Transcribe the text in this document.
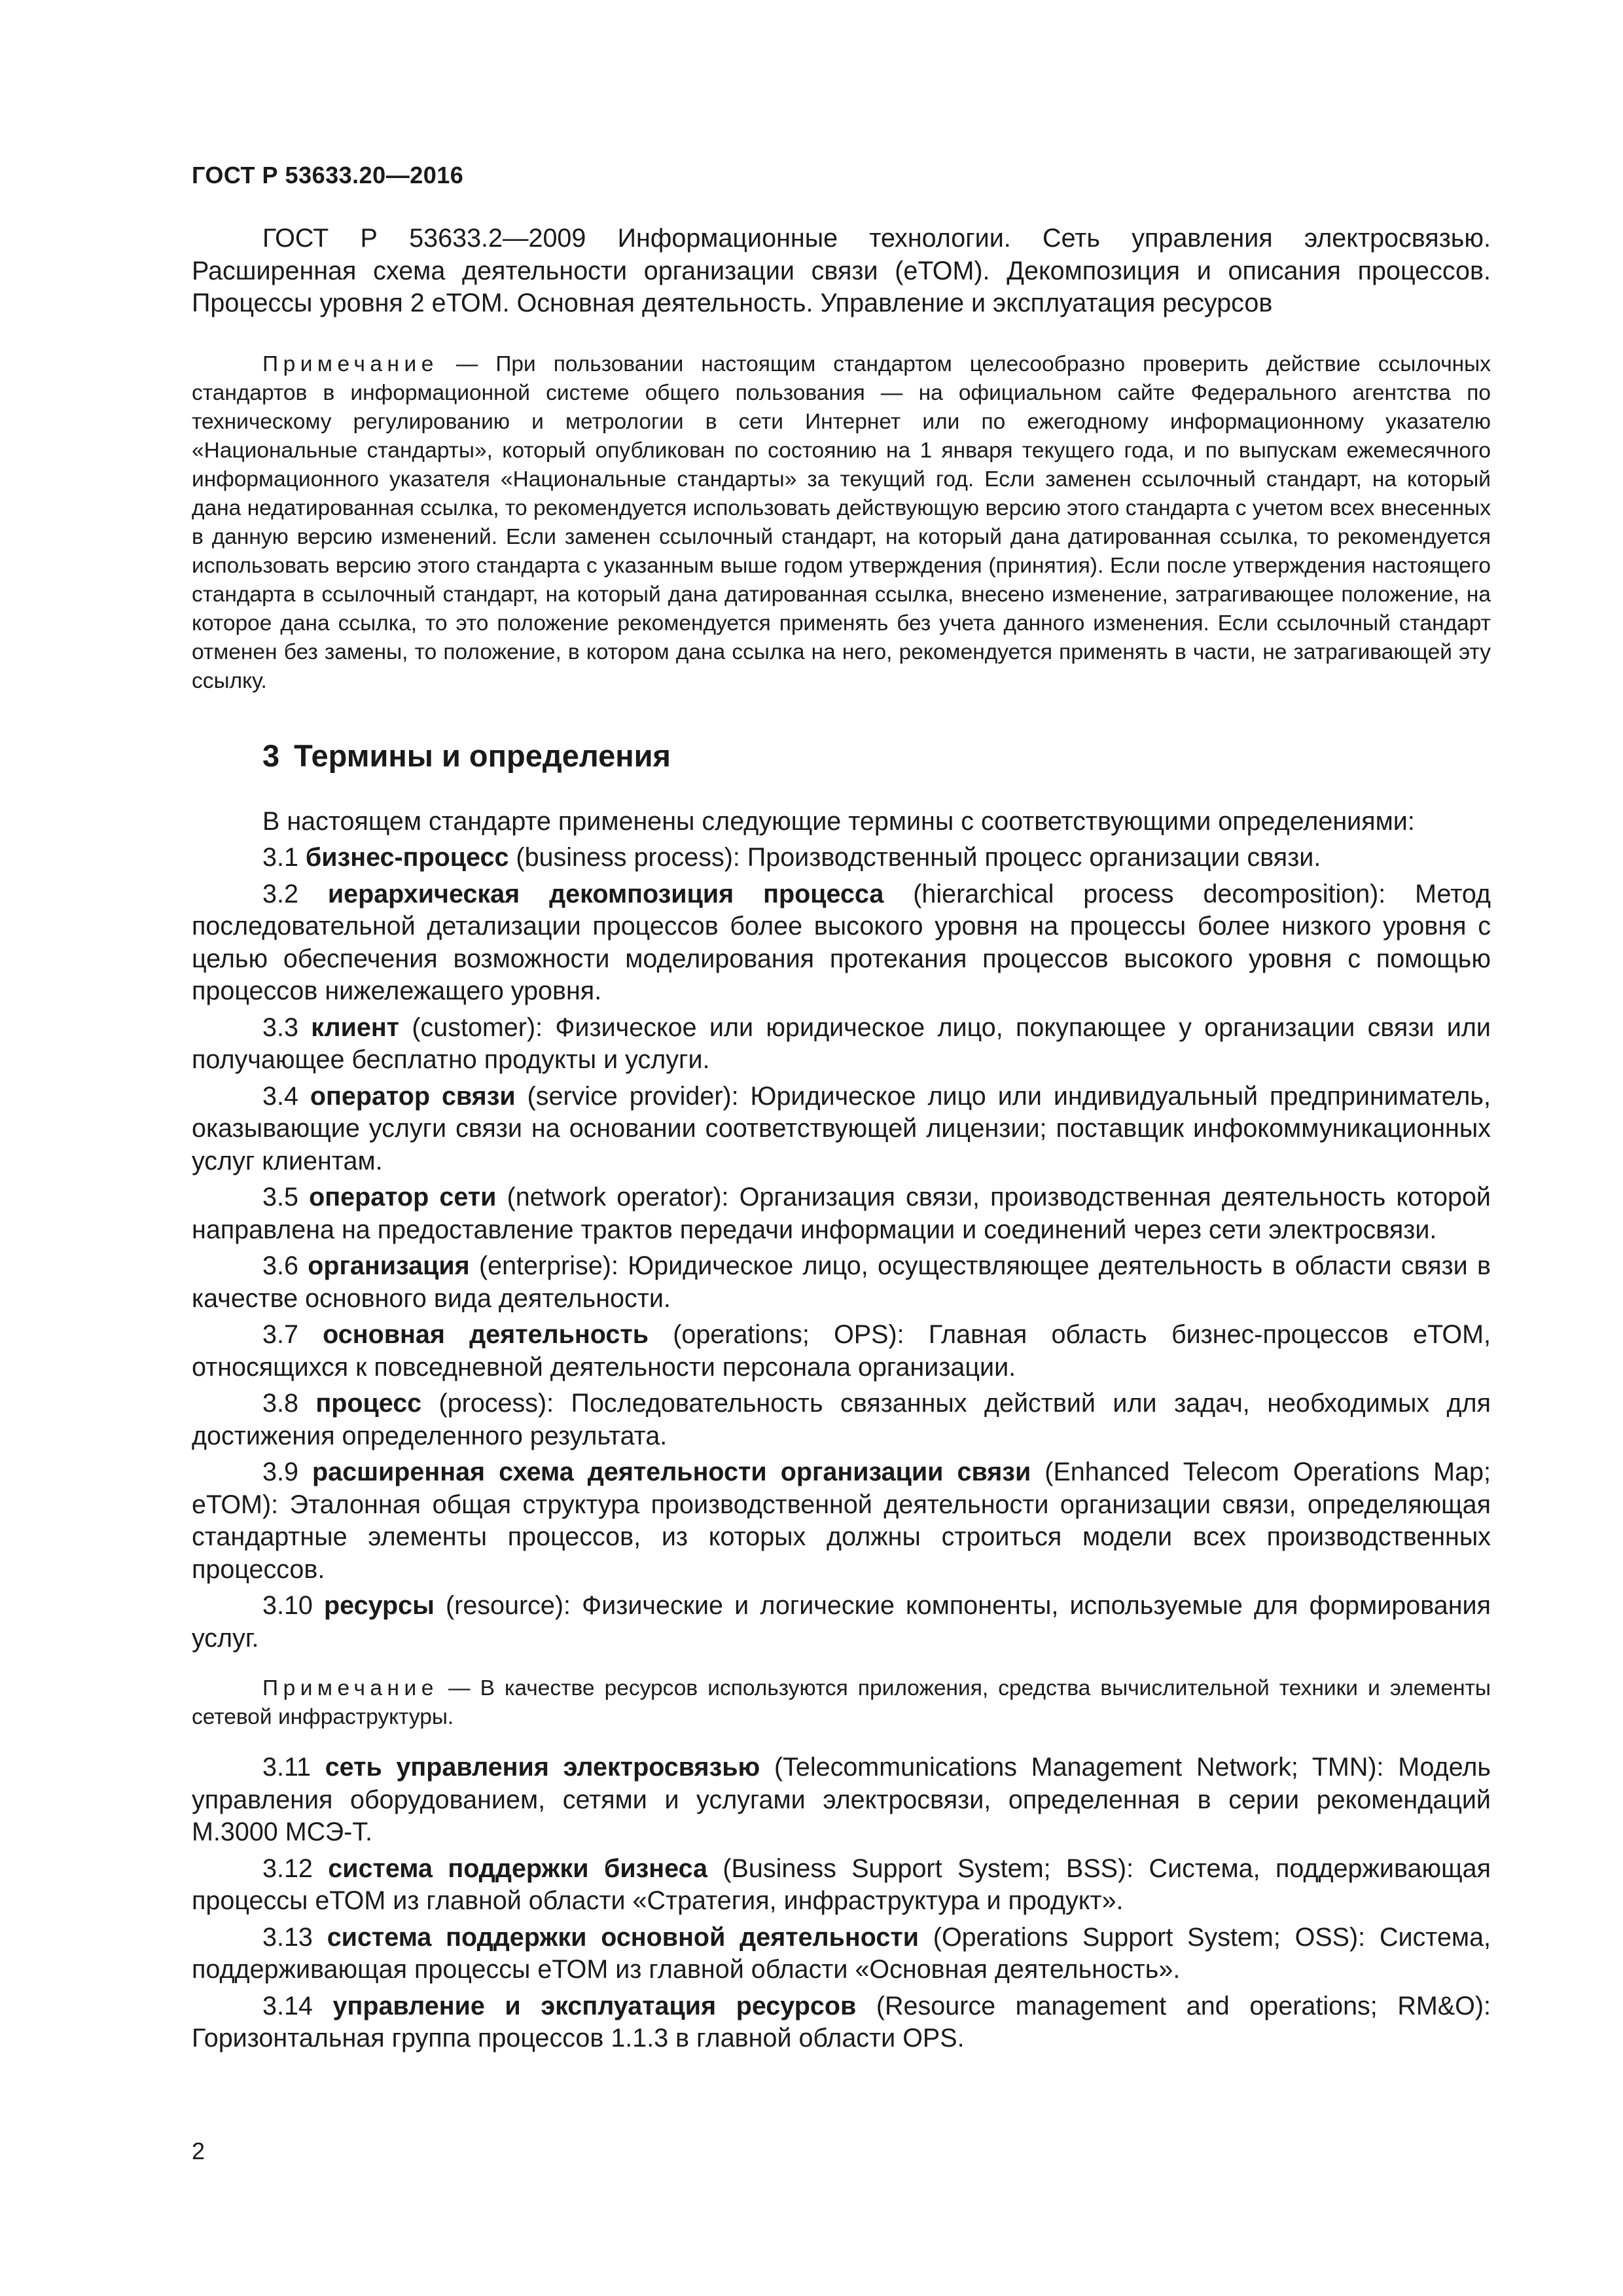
ГОСТ Р 53633.20—2016

ГОСТ Р 53633.2—2009 Информационные технологии. Сеть управления электросвязью. Расширенная схема деятельности организации связи (еТОМ). Декомпозиция и описания процессов. Процессы уровня 2 еТОМ. Основная деятельность. Управление и эксплуатация ресурсов

Примечание — При пользовании настоящим стандартом целесообразно проверить действие ссылочных стандартов в информационной системе общего пользования — на официальном сайте Федерального агентства по техническому регулированию и метрологии в сети Интернет или по ежегодному информационному указателю «Национальные стандарты», который опубликован по состоянию на 1 января текущего года, и по выпускам ежемесячного информационного указателя «Национальные стандарты» за текущий год. Если заменен ссылочный стандарт, на который дана недатированная ссылка, то рекомендуется использовать действующую версию этого стандарта с учетом всех внесенных в данную версию изменений. Если заменен ссылочный стандарт, на который дана датированная ссылка, то рекомендуется использовать версию этого стандарта с указанным выше годом утверждения (принятия). Если после утверждения настоящего стандарта в ссылочный стандарт, на который дана датированная ссылка, внесено изменение, затрагивающее положение, на которое дана ссылка, то это положение рекомендуется применять без учета данного изменения. Если ссылочный стандарт отменен без замены, то положение, в котором дана ссылка на него, рекомендуется применять в части, не затрагивающей эту ссылку.

3 Термины и определения

В настоящем стандарте применены следующие термины с соответствующими определениями:

3.1 бизнес-процесс (business process): Производственный процесс организации связи.

3.2 иерархическая декомпозиция процесса (hierarchical process decomposition): Метод последовательной детализации процессов более высокого уровня на процессы более низкого уровня с целью обеспечения возможности моделирования протекания процессов высокого уровня с помощью процессов нижележащего уровня.

3.3 клиент (customer): Физическое или юридическое лицо, покупающее у организации связи или получающее бесплатно продукты и услуги.

3.4 оператор связи (service provider): Юридическое лицо или индивидуальный предприниматель, оказывающие услуги связи на основании соответствующей лицензии; поставщик инфокоммуникационных услуг клиентам.

3.5 оператор сети (network operator): Организация связи, производственная деятельность которой направлена на предоставление трактов передачи информации и соединений через сети электросвязи.

3.6 организация (enterprise): Юридическое лицо, осуществляющее деятельность в области связи в качестве основного вида деятельности.

3.7 основная деятельность (operations; OPS): Главная область бизнес-процессов еТОМ, относящихся к повседневной деятельности персонала организации.

3.8 процесс (process): Последовательность связанных действий или задач, необходимых для достижения определенного результата.

3.9 расширенная схема деятельности организации связи (Enhanced Telecom Operations Map; еТОМ): Эталонная общая структура производственной деятельности организации связи, определяющая стандартные элементы процессов, из которых должны строиться модели всех производственных процессов.

3.10 ресурсы (resource): Физические и логические компоненты, используемые для формирования услуг.

Примечание — В качестве ресурсов используются приложения, средства вычислительной техники и элементы сетевой инфраструктуры.

3.11 сеть управления электросвязью (Telecommunications Management Network; TMN): Модель управления оборудованием, сетями и услугами электросвязи, определенная в серии рекомендаций М.3000 МСЭ-Т.

3.12 система поддержки бизнеса (Business Support System; BSS): Система, поддерживающая процессы еТОМ из главной области «Стратегия, инфраструктура и продукт».

3.13 система поддержки основной деятельности (Operations Support System; OSS): Система, поддерживающая процессы еТОМ из главной области «Основная деятельность».

3.14 управление и эксплуатация ресурсов (Resource management and operations; RM&O): Горизонтальная группа процессов 1.1.3 в главной области OPS.

2
